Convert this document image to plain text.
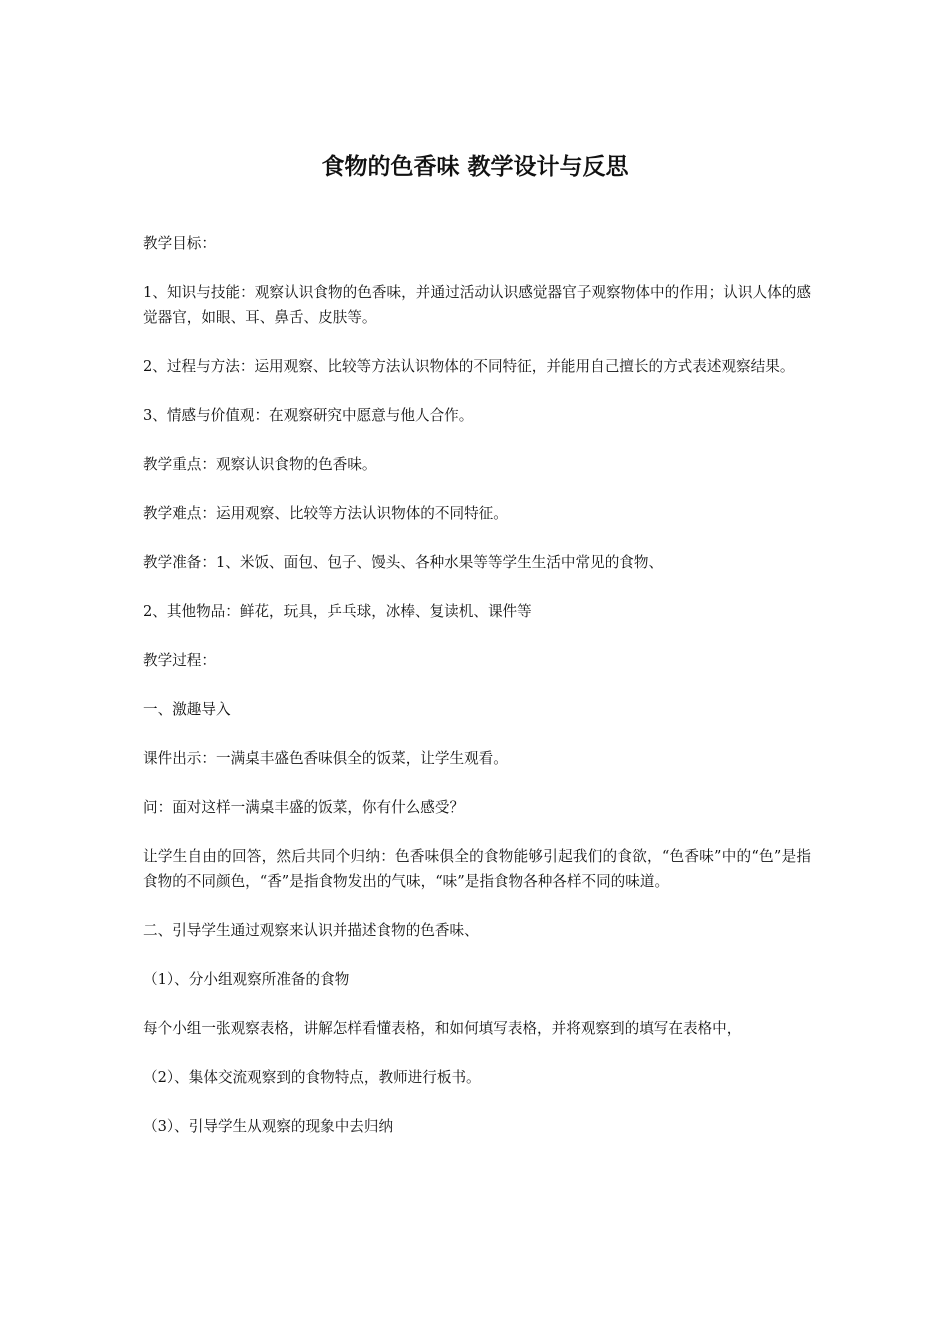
食物的色香味 教学设计与反思

教学目标：

1、知识与技能：观察认识食物的色香味，并通过活动认识感觉器官子观察物体中的作用；认识人体的感觉器官，如眼、耳、鼻舌、皮肤等。

2、过程与方法：运用观察、比较等方法认识物体的不同特征，并能用自己擅长的方式表述观察结果。

3、情感与价值观：在观察研究中愿意与他人合作。

教学重点：观察认识食物的色香味。

教学难点：运用观察、比较等方法认识物体的不同特征。

教学准备：1、米饭、面包、包子、馒头、各种水果等等学生生活中常见的食物、

2、其他物品：鲜花，玩具，乒乓球，冰棒、复读机、课件等

教学过程：

一、激趣导入

课件出示：一满桌丰盛色香味俱全的饭菜，让学生观看。

问：面对这样一满桌丰盛的饭菜，你有什么感受？

让学生自由的回答，然后共同个归纳：色香味俱全的食物能够引起我们的食欲，“色香味”中的“色”是指食物的不同颜色，“香”是指食物发出的气味，“味”是指食物各种各样不同的味道。

二、引导学生通过观察来认识并描述食物的色香味、

（1）、分小组观察所准备的食物

每个小组一张观察表格，讲解怎样看懂表格，和如何填写表格，并将观察到的填写在表格中，

（2）、集体交流观察到的食物特点，教师进行板书。

（3）、引导学生从观察的现象中去归纳
